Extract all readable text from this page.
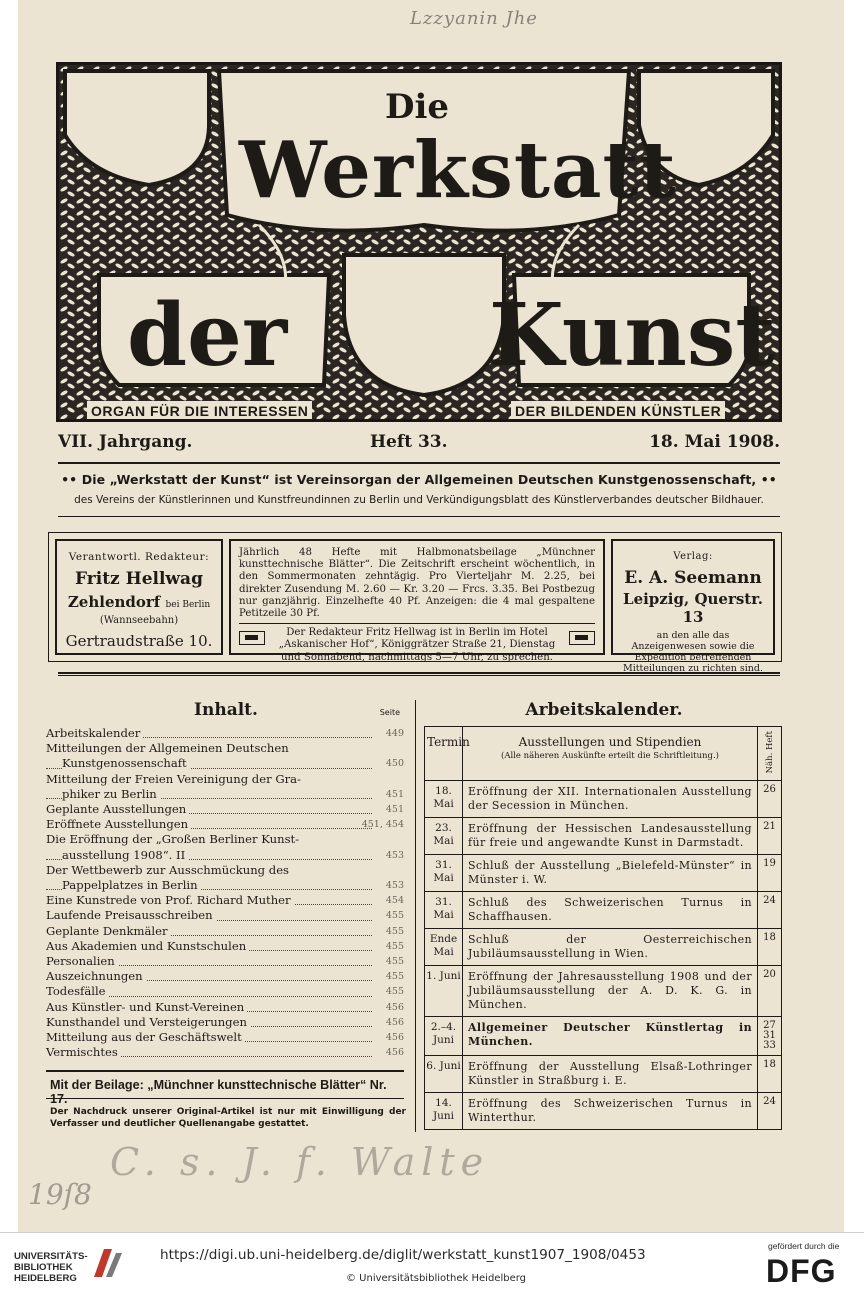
Lzzyanin Jhe
Die
Werkstatt
der Kunst
ORGAN FÜR DIE INTERESSEN	DER BILDENDEN KÜNSTLER
VII. Jahrgang.	Heft 33.	18. Mai 1908.
•• Die „Werkstatt der Kunst“ ist Vereinsorgan der Allgemeinen Deutschen Kunstgenossenschaft, ••
des Vereins der Künstlerinnen und Kunstfreundinnen zu Berlin und Verkündigungsblatt des Künstlerverbandes deutscher Bildhauer.
Verantwortl. Redakteur:
Fritz Hellwag
Zehlendorf bei Berlin
(Wannseebahn)
Gertraudstraße 10.
Jährlich 48 Hefte mit Halbmonatsbeilage „Münchner kunsttechnische Blätter“. Die Zeitschrift erscheint wöchentlich, in den Sommermonaten zehntägig. Pro Vierteljahr M. 2.25, bei direkter Zusendung M. 2.60 — Kr. 3.20 — Frcs. 3.35. Bei Postbezug nur ganzjährig. Einzelhefte 40 Pf. Anzeigen: die 4 mal gespaltene Petitzeile 30 Pf.
Der Redakteur Fritz Hellwag ist in Berlin im Hotel „Askanischer Hof“, Königgrätzer Straße 21, Dienstag und Sonnabend, nachmittags 5—7 Uhr, zu sprechen.
Verlag:
E. A. Seemann
Leipzig, Querstr. 13
an den alle das Anzeigenwesen sowie die Expedition betreffenden Mitteilungen zu richten sind.
Inhalt.	Seite
Arbeitskalender	449
Mitteilungen der Allgemeinen Deutschen
Kunstgenossenschaft	450
Mitteilung der Freien Vereinigung der Gra-
phiker zu Berlin	451
Geplante Ausstellungen	451
Eröffnete Ausstellungen	451, 454
Die Eröffnung der „Großen Berliner Kunst-
ausstellung 1908“. II	453
Der Wettbewerb zur Ausschmückung des
Pappelplatzes in Berlin	453
Eine Kunstrede von Prof. Richard Muther	454
Laufende Preisausschreiben	455
Geplante Denkmäler	455
Aus Akademien und Kunstschulen	455
Personalien	455
Auszeichnungen	455
Todesfälle	455
Aus Künstler- und Kunst-Vereinen	456
Kunsthandel und Versteigerungen	456
Mitteilung aus der Geschäftswelt	456
Vermischtes	456
Mit der Beilage: „Münchner kunsttechnische Blätter“ Nr. 17.
Der Nachdruck unserer Original-Artikel ist nur mit Einwilligung der Verfasser und deutlicher Quellenangabe gestattet.
Arbeitskalender.
Termin	Ausstellungen und Stipendien
(Alle näheren Auskünfte erteilt die Schriftleitung.)	Näh. Heft
18. Mai	Eröffnung der XII. Internationalen Ausstellung der Secession in München.	26
23. Mai	Eröffnung der Hessischen Landesausstellung für freie und angewandte Kunst in Darmstadt.	21
31. Mai	Schluß der Ausstellung „Bielefeld-Münster“ in Münster i. W.	19
31. Mai	Schluß des Schweizerischen Turnus in Schaffhausen.	24
Ende Mai	Schluß der Oesterreichischen Jubiläumsausstellung in Wien.	18
1. Juni	Eröffnung der Jahresausstellung 1908 und der Jubiläumsausstellung der A. D. K. G. in München.	20
2.–4. Juni	Allgemeiner Deutscher Künstlertag in München.	27 31 33
6. Juni	Eröffnung der Ausstellung Elsaß-Lothringer Künstler in Straßburg i. E.	18
14. Juni	Eröffnung des Schweizerischen Turnus in Winterthur.	24
C. s. J. f. Walte
19ſ8
UNIVERSITÄTS-
BIBLIOTHEK
HEIDELBERG
https://digi.ub.uni-heidelberg.de/diglit/werkstatt_kunst1907_1908/0453
© Universitätsbibliothek Heidelberg
gefördert durch die
DFG
